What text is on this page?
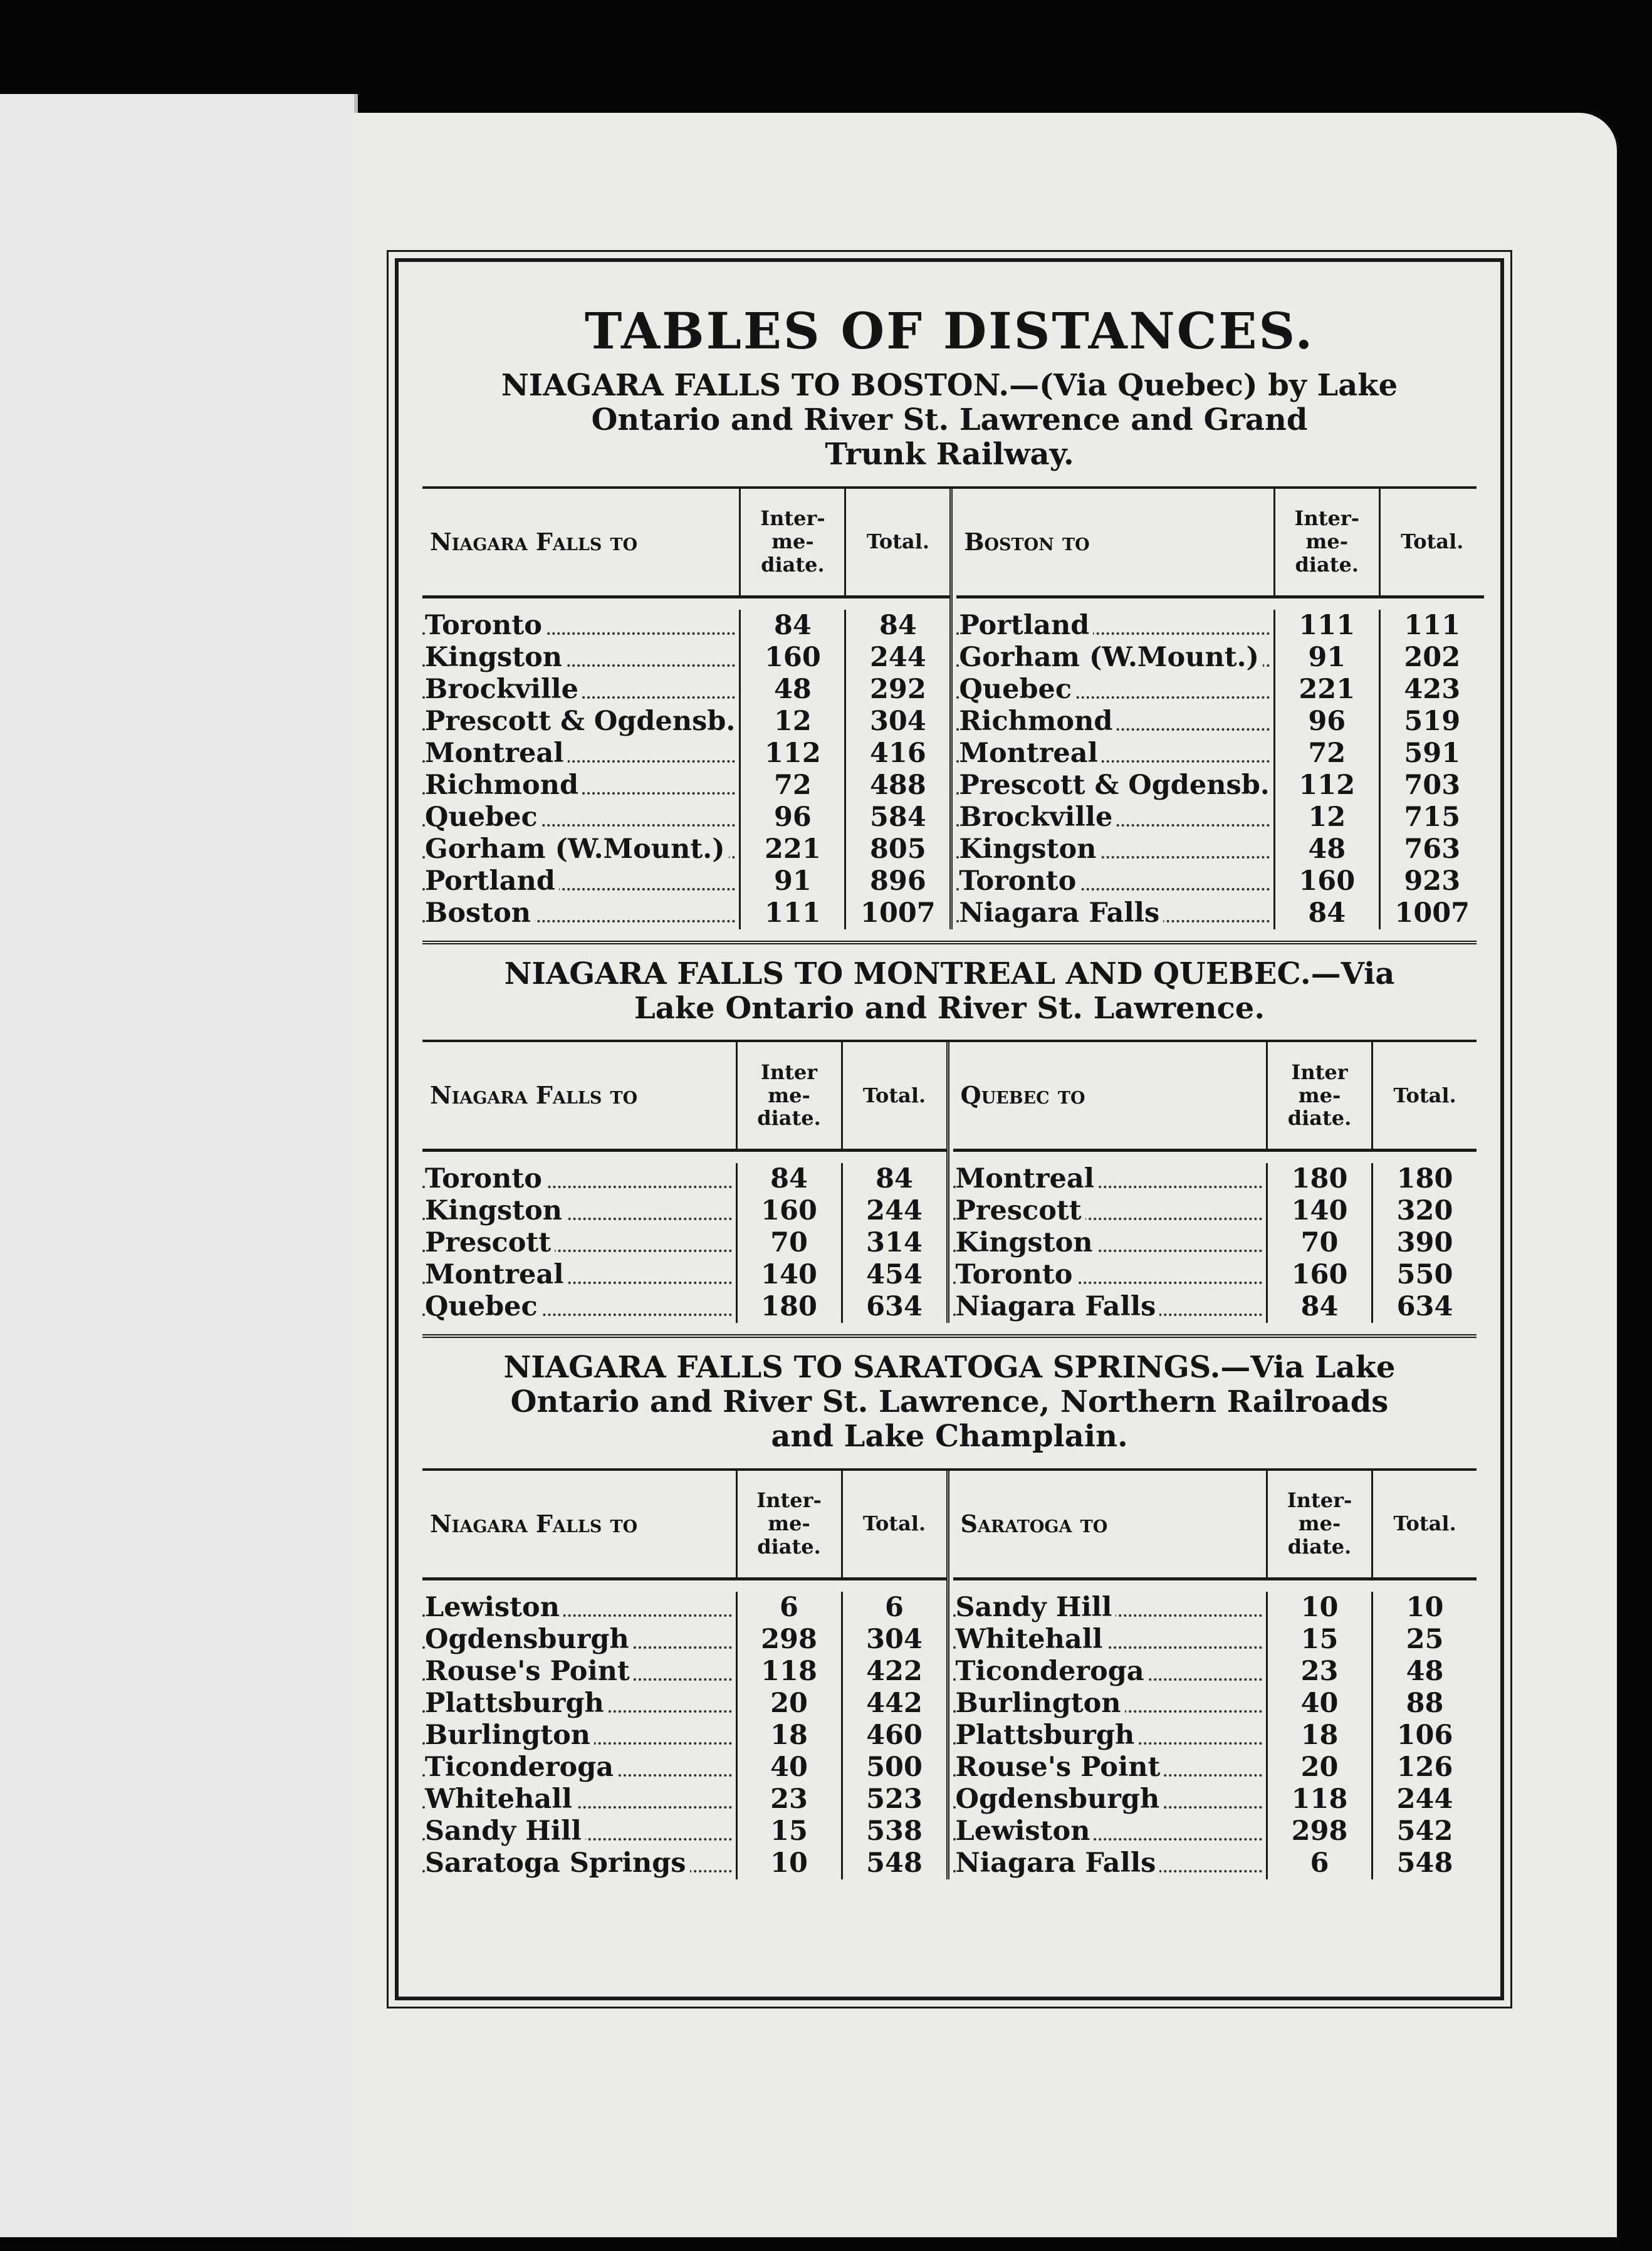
TABLES OF DISTANCES.
NIAGARA FALLS TO BOSTON.—(Via Quebec) by Lake
Ontario and River St. Lawrence and Grand
Trunk Railway.
Niagara Falls to
Inter-me-diate.
Total.
Toronto	84	84
Kingston	160	244
Brockville	48	292
Prescott & Ogdensb.	12	304
Montreal	112	416
Richmond	72	488
Quebec	96	584
Gorham (W.Mount.)	221	805
Portland	91	896
Boston	111	1007
Boston to
Inter-me-diate.
Total.
Portland	111	111
Gorham (W.Mount.)	91	202
Quebec	221	423
Richmond	96	519
Montreal	72	591
Prescott & Ogdensb.	112	703
Brockville	12	715
Kingston	48	763
Toronto	160	923
Niagara Falls	84	1007
NIAGARA FALLS TO MONTREAL AND QUEBEC.—Via
Lake Ontario and River St. Lawrence.
Niagara Falls to
Inter me-diate.
Total.
Toronto	84	84
Kingston	160	244
Prescott	70	314
Montreal	140	454
Quebec	180	634
Quebec to
Inter me-diate.
Total.
Montreal	180	180
Prescott	140	320
Kingston	70	390
Toronto	160	550
Niagara Falls	84	634
NIAGARA FALLS TO SARATOGA SPRINGS.—Via Lake
Ontario and River St. Lawrence, Northern Railroads
and Lake Champlain.
Niagara Falls to
Inter-me-diate.
Total.
Lewiston	6	6
Ogdensburgh	298	304
Rouse's Point	118	422
Plattsburgh	20	442
Burlington	18	460
Ticonderoga	40	500
Whitehall	23	523
Sandy Hill	15	538
Saratoga Springs	10	548
Saratoga to
Inter-me-diate.
Total.
Sandy Hill	10	10
Whitehall	15	25
Ticonderoga	23	48
Burlington	40	88
Plattsburgh	18	106
Rouse's Point	20	126
Ogdensburgh	118	244
Lewiston	298	542
Niagara Falls	6	548
